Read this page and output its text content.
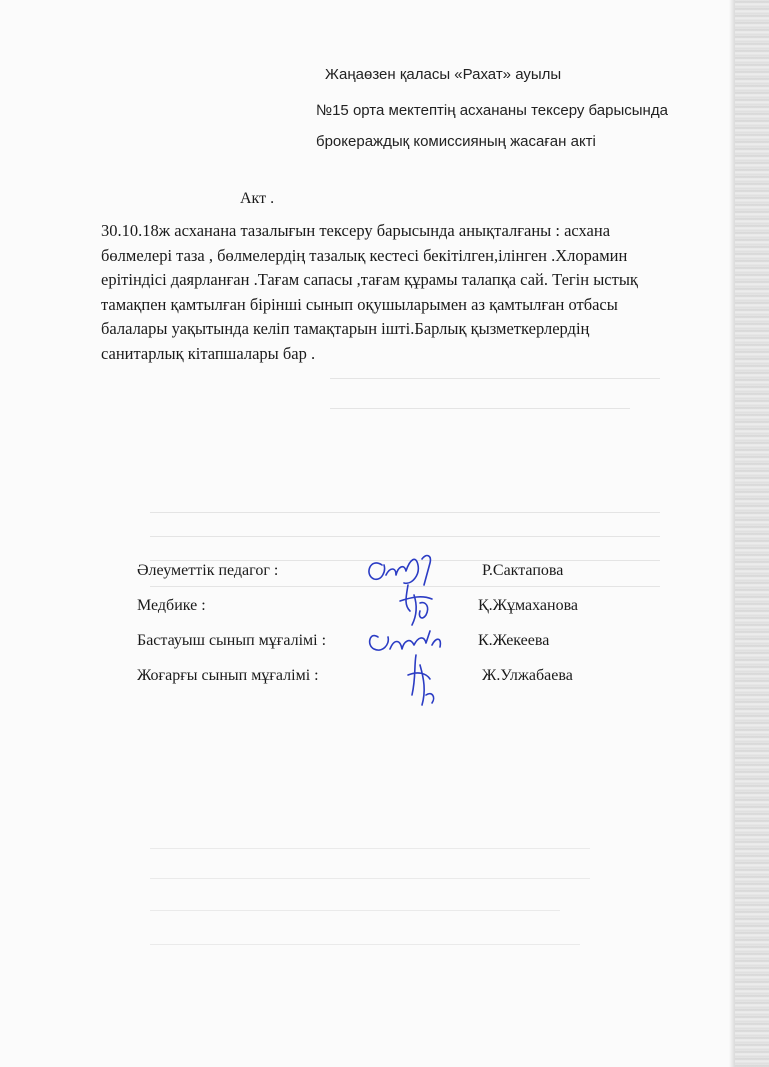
Жаңаөзен қаласы «Рахат» ауылы
№15 орта мектептің асхананы тексеру барысында
брокераждық комиссияның жасаған акті
Акт .
30.10.18ж асханана тазалығын тексеру барысында анықталғаны : асхана
бөлмелері таза , бөлмелердің тазалық кестесі бекітілген,ілінген .Хлорамин
ерітіндісі даярланған .Тағам сапасы ,тағам құрамы талапқа сай. Тегін ыстық
тамақпен қамтылған бірінші сынып оқушыларымен аз қамтылған отбасы
балалары уақытында келіп тамақтарын ішті.Барлық қызметкерлердің
санитарлық кітапшалары бар .
Әлеуметтік педагог :	Р.Сактапова
Медбике :	Қ.Жұмаханова
Бастауыш сынып мұғалімі :	К.Жекеева
Жоғарғы сынып мұғалімі :	Ж.Улжабаева
